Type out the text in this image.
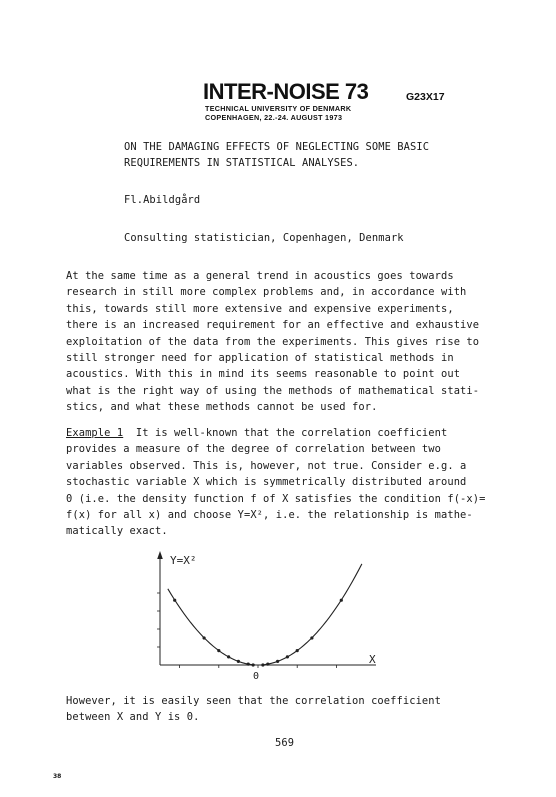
INTER-NOISE 73
TECHNICAL UNIVERSITY OF DENMARK
COPENHAGEN, 22.-24. AUGUST 1973
G23X17
ON THE DAMAGING EFFECTS OF NEGLECTING SOME BASIC
REQUIREMENTS IN STATISTICAL ANALYSES.
Fl.Abildgård
Consulting statistician, Copenhagen, Denmark
At the same time as a general trend in acoustics goes towards
research in still more complex problems and, in accordance with
this, towards still more extensive and expensive experiments,
there is an increased requirement for an effective and exhaustive
exploitation of the data from the experiments. This gives rise to
still stronger need for application of statistical methods in
acoustics. With this in mind its seems reasonable to point out
what is the right way of using the methods of mathematical stati-
stics, and what these methods cannot be used for.
Example 1  It is well-known that the correlation coefficient
provides a measure of the degree of correlation between two
variables observed. This is, however, not true. Consider e.g. a
stochastic variable X which is symmetrically distributed around
0 (i.e. the density function f of X satisfies the condition f(-x)=
f(x) for all x) and choose Y=X², i.e. the relationship is mathe-
matically exact.
Y=X²
X
0
However, it is easily seen that the correlation coefficient
between X and Y is 0.
569
38
